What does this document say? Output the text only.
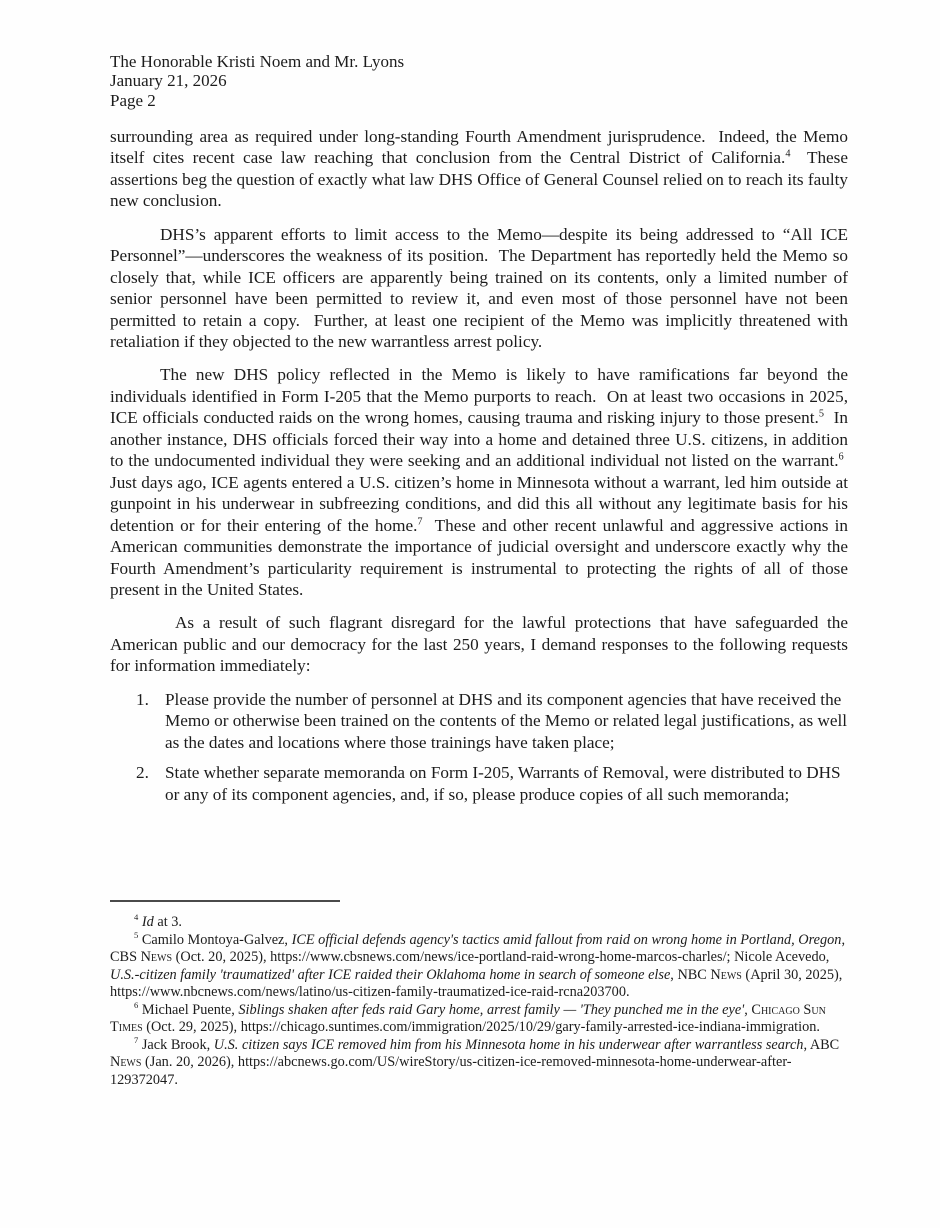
The Honorable Kristi Noem and Mr. Lyons
January 21, 2026
Page 2

surrounding area as required under long-standing Fourth Amendment jurisprudence.  Indeed, the Memo itself cites recent case law reaching that conclusion from the Central District of California.$^4$  These assertions beg the question of exactly what law DHS Office of General Counsel relied on to reach its faulty new conclusion.

DHS’s apparent efforts to limit access to the Memo—despite its being addressed to “All ICE Personnel”—underscores the weakness of its position.  The Department has reportedly held the Memo so closely that, while ICE officers are apparently being trained on its contents, only a limited number of senior personnel have been permitted to review it, and even most of those personnel have not been permitted to retain a copy.  Further, at least one recipient of the Memo was implicitly threatened with retaliation if they objected to the new warrantless arrest policy.

The new DHS policy reflected in the Memo is likely to have ramifications far beyond the individuals identified in Form I-205 that the Memo purports to reach.  On at least two occasions in 2025, ICE officials conducted raids on the wrong homes, causing trauma and risking injury to those present.$^5$  In another instance, DHS officials forced their way into a home and detained three U.S. citizens, in addition to the undocumented individual they were seeking and an additional individual not listed on the warrant.$^6$  Just days ago, ICE agents entered a U.S. citizen’s home in Minnesota without a warrant, led him outside at gunpoint in his underwear in subfreezing conditions, and did this all without any legitimate basis for his detention or for their entering of the home.$^7$  These and other recent unlawful and aggressive actions in American communities demonstrate the importance of judicial oversight and underscore exactly why the Fourth Amendment’s particularity requirement is instrumental to protecting the rights of all of those present in the United States.

As a result of such flagrant disregard for the lawful protections that have safeguarded the American public and our democracy for the last 250 years, I demand responses to the following requests for information immediately:

1. Please provide the number of personnel at DHS and its component agencies that have received the Memo or otherwise been trained on the contents of the Memo or related legal justifications, as well as the dates and locations where those trainings have taken place;
2. State whether separate memoranda on Form I-205, Warrants of Removal, were distributed to DHS or any of its component agencies, and, if so, please produce copies of all such memoranda;

$^4$ Id at 3.

$^5$ Camilo Montoya-Galvez, ICE official defends agency's tactics amid fallout from raid on wrong home in Portland, Oregon, CBS News (Oct. 20, 2025), https://www.cbsnews.com/news/ice-portland-raid-wrong-home-marcos-charles/; Nicole Acevedo, U.S.-citizen family 'traumatized' after ICE raided their Oklahoma home in search of someone else, NBC News (April 30, 2025), https://www.nbcnews.com/news/latino/us-citizen-family-traumatized-ice-raid-rcna203700.

$^6$ Michael Puente, Siblings shaken after feds raid Gary home, arrest family — 'They punched me in the eye', Chicago Sun Times (Oct. 29, 2025), https://chicago.suntimes.com/immigration/2025/10/29/gary-family-arrested-ice-indiana-immigration.

$^7$ Jack Brook, U.S. citizen says ICE removed him from his Minnesota home in his underwear after warrantless search, ABC News (Jan. 20, 2026), https://abcnews.go.com/US/wireStory/us-citizen-ice-removed-minnesota-home-underwear-after-129372047.
